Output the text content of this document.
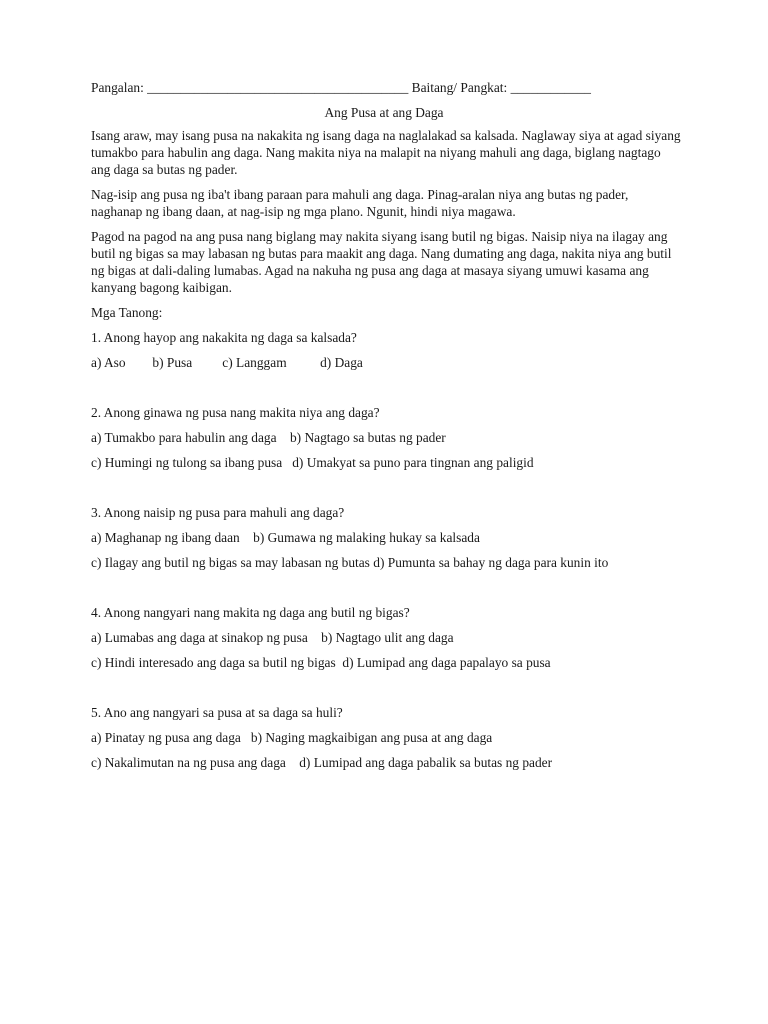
Pangalan: _______________________________________ Baitang/ Pangkat: ____________
Ang Pusa at ang Daga

Isang araw, may isang pusa na nakakita ng isang daga na naglalakad sa kalsada. Naglaway siya at agad siyang tumakbo para habulin ang daga. Nang makita niya na malapit na niyang mahuli ang daga, biglang nagtago ang daga sa butas ng pader.

Nag-isip ang pusa ng iba't ibang paraan para mahuli ang daga. Pinag-aralan niya ang butas ng pader, naghanap ng ibang daan, at nag-isip ng mga plano. Ngunit, hindi niya magawa.

Pagod na pagod na ang pusa nang biglang may nakita siyang isang butil ng bigas. Naisip niya na ilagay ang butil ng bigas sa may labasan ng butas para maakit ang daga. Nang dumating ang daga, nakita niya ang butil ng bigas at dali-daling lumabas. Agad na nakuha ng pusa ang daga at masaya siyang umuwi kasama ang kanyang bagong kaibigan.

Mga Tanong:

1. Anong hayop ang nakakita ng daga sa kalsada?

a) Aso        b) Pusa         c) Langgam          d) Daga

2. Anong ginawa ng pusa nang makita niya ang daga?

a) Tumakbo para habulin ang daga    b) Nagtago sa butas ng pader

c) Humingi ng tulong sa ibang pusa   d) Umakyat sa puno para tingnan ang paligid

3. Anong naisip ng pusa para mahuli ang daga?

a) Maghanap ng ibang daan    b) Gumawa ng malaking hukay sa kalsada

c) Ilagay ang butil ng bigas sa may labasan ng butas d) Pumunta sa bahay ng daga para kunin ito

4. Anong nangyari nang makita ng daga ang butil ng bigas?

a) Lumabas ang daga at sinakop ng pusa    b) Nagtago ulit ang daga

c) Hindi interesado ang daga sa butil ng bigas  d) Lumipad ang daga papalayo sa pusa

5. Ano ang nangyari sa pusa at sa daga sa huli?

a) Pinatay ng pusa ang daga   b) Naging magkaibigan ang pusa at ang daga

c) Nakalimutan na ng pusa ang daga    d) Lumipad ang daga pabalik sa butas ng pader
